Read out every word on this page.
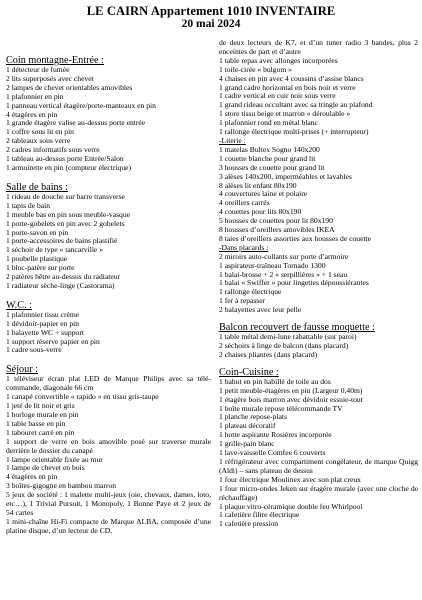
LE CAIRN Appartement 1010 INVENTAIRE
20 mai 2024
Coin montagne-Entrée :
1 détecteur de fumée
2 lits superposés avec chevet
2 lampes de chevet orientables amovibles
1 plafonnier en pin
1 panneau vertical étagère/porte-manteaux en pin
4 étagères en pin
1 grande étagère valise au-dessus porte entrée
1 coffre sous lit en pin
2 tableaux sous verre
2 cadres informatifs sous verre
1 tableau au-dessus porte Entrée/Salon
1 armoirette en pin (compteur électrique)
Salle de bains :
1 rideau de douche sur barre transverse
1 tapis de bain
1 meuble bas en pin sous meuble-vasque
1 porte-gobelets en pin avec 2 gobelets
1 porte-savon en pin
1 porte-accessoires de bains plastifié
1 séchoir de type « tancarville »
1 poubelle plastique
1 bloc-patère sur porte
2 patères hêtre au-dessus du radiateur
1 radiateur sèche-linge (Castorama)
W.C. :
1 plafonnier tissu crème
1 dévidoir-papier en pin
1 balayette WC + support
1 support réserve papier en pin
1 cadre sous-verre
Séjour :
1 téléviseur écran plat LED de Marque Philips avec sa télé-commande, diagonale 66 cm
1 canapé convertible « rapido » en tissu gris-taupe
1 jeté de lit noir et gris
1 horloge murale en pin
1 table basse en pin
1 tabouret carré en pin
1 support de verre en bois amovible posé sur traverse murale derrière le dossier du canapé
1 lampe orientable fixée au mur
1 lampe de chevet en bois
4 étagères en pin
3 boîtes-gigogne en bambou marron
5 jeux de société : 1 malette multi-jeux (oie, chevaux, dames, loto, etc…), 1 Trivial Pursuit, 1 Monopoly, 1 Bonne Paye et 2 jeux de 54 cartes
1 mini-chaîne Hi-Fi compacte de Marque ALBA, composée d’une platine disque, d’un lecteur de CD,
de deux lecteurs de K7, et d’un tuner radio 3 bandes, plus 2 enceintes de part et d’autre
1 table repas avec allonges incorporées
1 toile-cirée « bulgom »
4 chaises en pin avec 4 coussins d’assise blancs
1 grand cadre horizontal en bois noir et verre
1 cadre vertical en cuir noir sous verre
1 grand rideau occultant avec sa tringle au plafond
1 store tissu beige et marron « déroulable »
1 plafonnier rond en métal blanc
1 rallonge électrique multi-prises (+ interrupteur)
-Literie :
1 matelas Bultex Sogno 140x200
1 couette blanche pour grand lit
3 housses de couette pour grand lit
3 alèses 140x200, imperméables et lavables
8 alèses lit enfant 80x190
4 couvertures laine et polaire
4 oreillers carrés
4 couettes pour lits 80x190
5 housses de couettes pour lit 80x190
8 housses d’oreillers amovibles IKEA
8 taies d’oreillers assorties aux housses de couette
-Dans placards :
2 miroirs auto-collants sur porte d’armoire
1 aspirateur-traîneau Tornado 1300
1 balai-brosse + 2 « serpillières » + 1 seau
1 balai « Swiffer » pour lingettes dépoussiérantes
1 rallonge électrique
1 fer à repasser
2 balayettes avec leur pelle
Balcon recouvert de fausse moquette :
1 table métal demi-lune rabattable (sur paroi)
2 séchoirs à linge de balcon (dans placard)
2 chaises pliantes (dans placard)
Coin-Cuisine :
1 bahut en pin habillé de toile au dos
1 petit meuble-étagères en pin (Largeur 0,40m)
1 étagère bois marron avec dévidoir essuie-tout
1 boîte murale repose télécommande TV
1 planche repose-plats
1 plateau décoratif
1 hotte aspirante Rosières incorporée
1 grille-pain blanc
1 lave-vaisselle Comfee 6 couverts
1 réfrigérateur avec compartiment congélateur, de marque Quigg (Aldi) – sans plateau de dessus
1 four électrique Moulinex avec son plat creux
1 four micro-ondes Jeken sur étagère murale (avec une cloche de réchauffage)
1 plaque vitro-céramique double feu Whirlpool
1 cafetière filtre électrique
1 cafetière pression
